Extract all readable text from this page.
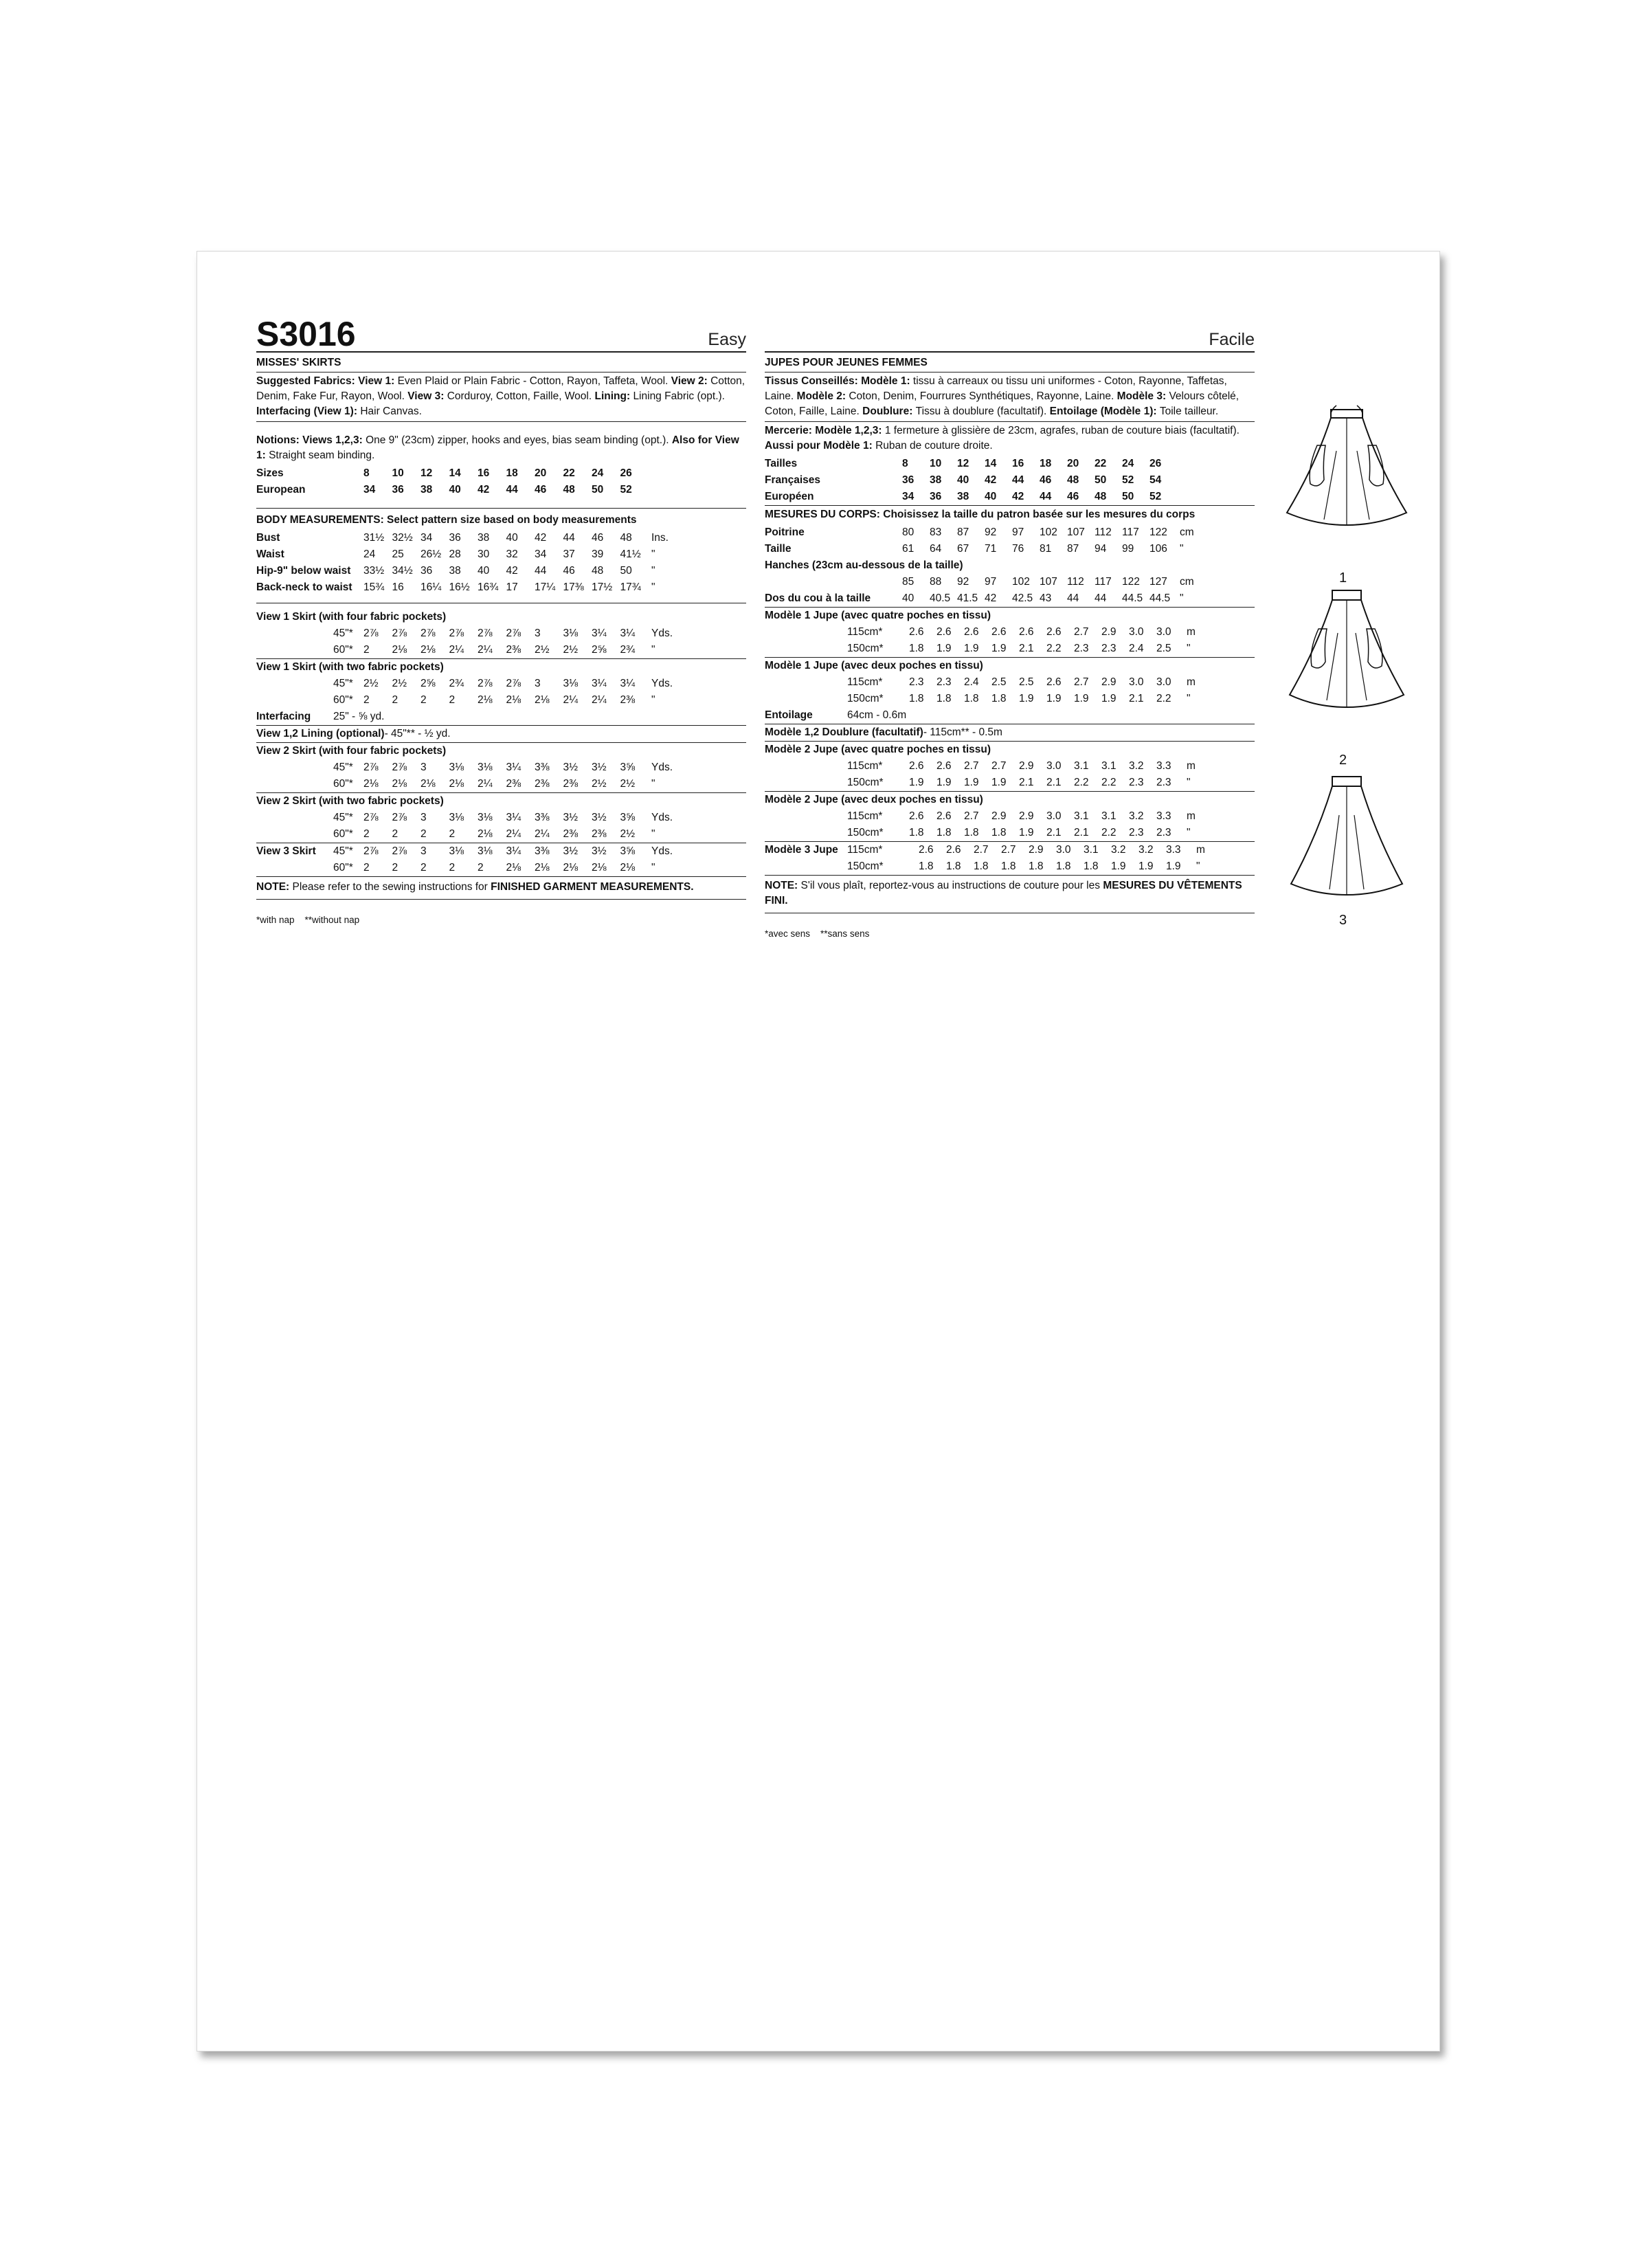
S3016	Easy
MISSES' SKIRTS
Suggested Fabrics: View 1: Even Plaid or Plain Fabric - Cotton, Rayon, Taffeta, Wool. View 2: Cotton, Denim, Fake Fur, Rayon, Wool. View 3: Corduroy, Cotton, Faille, Wool. Lining: Lining Fabric (opt.). Interfacing (View 1): Hair Canvas.
Notions: Views 1,2,3: One 9" (23cm) zipper, hooks and eyes, bias seam binding (opt.). Also for View 1: Straight seam binding.
Sizes	8	10	12	14	16	18	20	22	24	26
European	34	36	38	40	42	44	46	48	50	52
BODY MEASUREMENTS: Select pattern size based on body measurements
Bust	31½ 32½ 34	36	38	40	42	44	46	48	Ins.
Waist	24	25	26½ 28	30	32	34	37	39	41½ "
Hip-9" below waist	33½ 34½ 36	38	40	42	44	46	48	50	"
Back-neck to waist	15¾ 16	16¼ 16½ 16¾ 17	17¼ 17⅜ 17½ 17¾ "
View 1 Skirt (with four fabric pockets)
45"* 2⅞	2⅞	2⅞	2⅞	2⅞	2⅞	3	3⅛	3¼	3¼	Yds.
60"* 2	2⅛	2⅛	2¼	2¼	2⅜	2½	2½	2⅝	2¾	"
View 1 Skirt (with two fabric pockets)
45"* 2½	2½	2⅝	2¾	2⅞	2⅞	3	3⅛	3¼	3¼	Yds.
60"* 2	2	2	2	2⅛	2⅛	2⅛	2¼	2¼	2⅜	"
Interfacing	25" - ⅝ yd.
View 1,2 Lining (optional) - 45"** - ½ yd.
View 2 Skirt (with four fabric pockets)
45"* 2⅞	2⅞	3	3⅛	3⅛	3¼	3⅜	3½	3½	3⅝	Yds.
60"* 2⅛	2⅛	2⅛	2⅛	2¼	2⅜	2⅜	2⅜	2½	2½	"
View 2 Skirt (with two fabric pockets)
45"* 2⅞	2⅞	3	3⅛	3⅛	3¼	3⅜	3½	3½	3⅝	Yds.
60"* 2	2	2	2	2⅛	2¼	2¼	2⅜	2⅜	2½	"
View 3 Skirt 45"* 2⅞	2⅞	3	3⅛	3⅛	3¼	3⅜	3½	3½	3⅝	Yds.
60"* 2	2	2	2	2	2⅛	2⅛	2⅛	2⅛	2⅛	"
NOTE: Please refer to the sewing instructions for FINISHED GARMENT MEASUREMENTS.
*with nap    **without nap
Facile
JUPES POUR JEUNES FEMMES
Tissus Conseillés: Modèle 1: tissu à carreaux ou tissu uni uniformes - Coton, Rayonne, Taffetas, Laine. Modèle 2: Coton, Denim, Fourrures Synthétiques, Rayonne, Laine. Modèle 3: Velours côtelé, Coton, Faille, Laine. Doublure: Tissu à doublure (facultatif). Entoilage (Modèle 1): Toile tailleur.
Mercerie: Modèle 1,2,3: 1 fermeture à glissière de 23cm, agrafes, ruban de couture biais (facultatif). Aussi pour Modèle 1: Ruban de couture droite.
Tailles	8	10	12	14	16	18	20	22	24	26
Françaises	36	38	40	42	44	46	48	50	52	54
Européen	34	36	38	40	42	44	46	48	50	52
MESURES DU CORPS: Choisissez la taille du patron basée sur les mesures du corps
Poitrine	80	83	87	92	97	102 107 112 117 122	cm
Taille	61	64	67	71	76	81	87	94	99	106	"
Hanches (23cm au-dessous de la taille)
85	88	92	97	102 107 112 117 122 127	cm
Dos du cou à la taille	40	40.5 41.5 42	42.5 43	44	44	44.5 44.5 "
Modèle 1 Jupe (avec quatre poches en tissu)
115cm*	2.6	2.6	2.6	2.6	2.6	2.6	2.7	2.9	3.0	3.0	m
150cm*	1.8	1.9	1.9	1.9	2.1	2.2	2.3	2.3	2.4	2.5	"
Modèle 1 Jupe (avec deux poches en tissu)
115cm*	2.3	2.3	2.4	2.5	2.5	2.6	2.7	2.9	3.0	3.0	m
150cm*	1.8	1.8	1.8	1.8	1.9	1.9	1.9	1.9	2.1	2.2	"
Entoilage	64cm - 0.6m
Modèle 1,2 Doublure (facultatif) - 115cm** - 0.5m
Modèle 2 Jupe (avec quatre poches en tissu)
115cm*	2.6	2.6	2.7	2.7	2.9	3.0	3.1	3.1	3.2	3.3	m
150cm*	1.9	1.9	1.9	1.9	2.1	2.1	2.2	2.2	2.3	2.3	"
Modèle 2 Jupe (avec deux poches en tissu)
115cm*	2.6	2.6	2.7	2.9	2.9	3.0	3.1	3.1	3.2	3.3	m
150cm*	1.8	1.8	1.8	1.8	1.9	2.1	2.1	2.2	2.3	2.3	"
Modèle 3 Jupe 115cm*	2.6	2.6	2.7	2.7	2.9	3.0	3.1	3.2	3.2	3.3	m
150cm*	1.8	1.8	1.8	1.8	1.8	1.8	1.8	1.9	1.9	1.9	"
NOTE: S'il vous plaît, reportez-vous au instructions de couture pour les MESURES DU VÊTEMENTS FINI.
*avec sens    **sans sens
1
2
3
